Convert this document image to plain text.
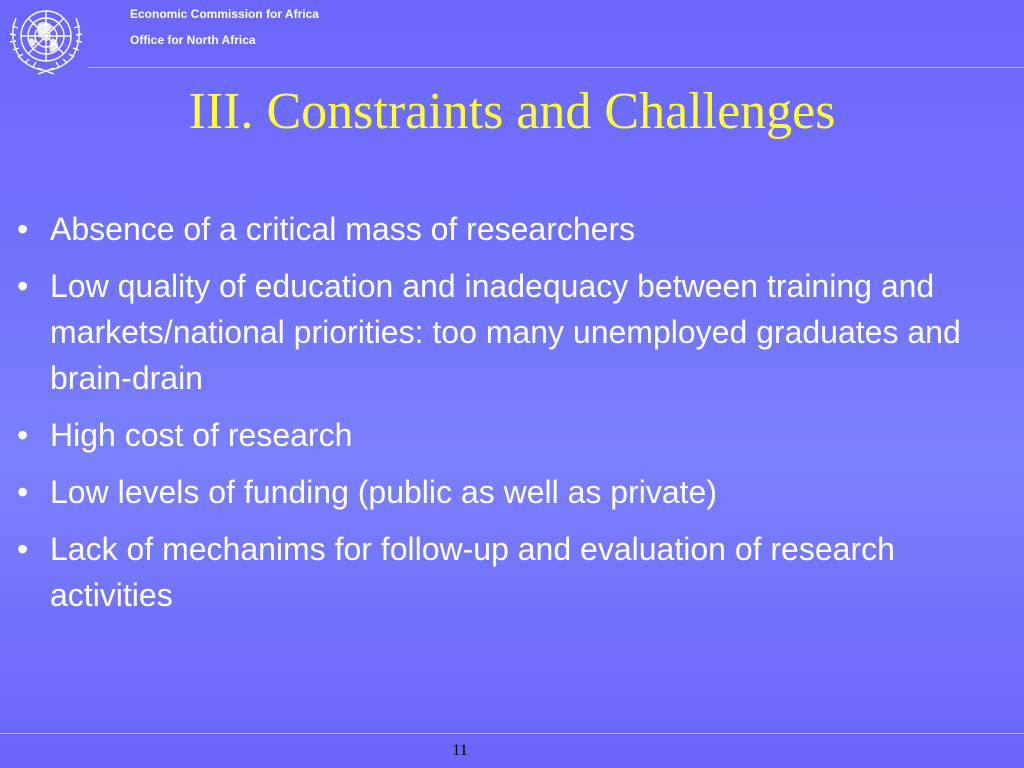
Economic Commission for Africa
Office for North Africa
III. Constraints and Challenges
• Absence of a critical mass of researchers
• Low quality of education and inadequacy between training and markets/national priorities: too many unemployed graduates and brain-drain
• High cost of research
• Low levels of funding (public as well as private)
• Lack of mechanims for follow-up and evaluation of research activities
11
